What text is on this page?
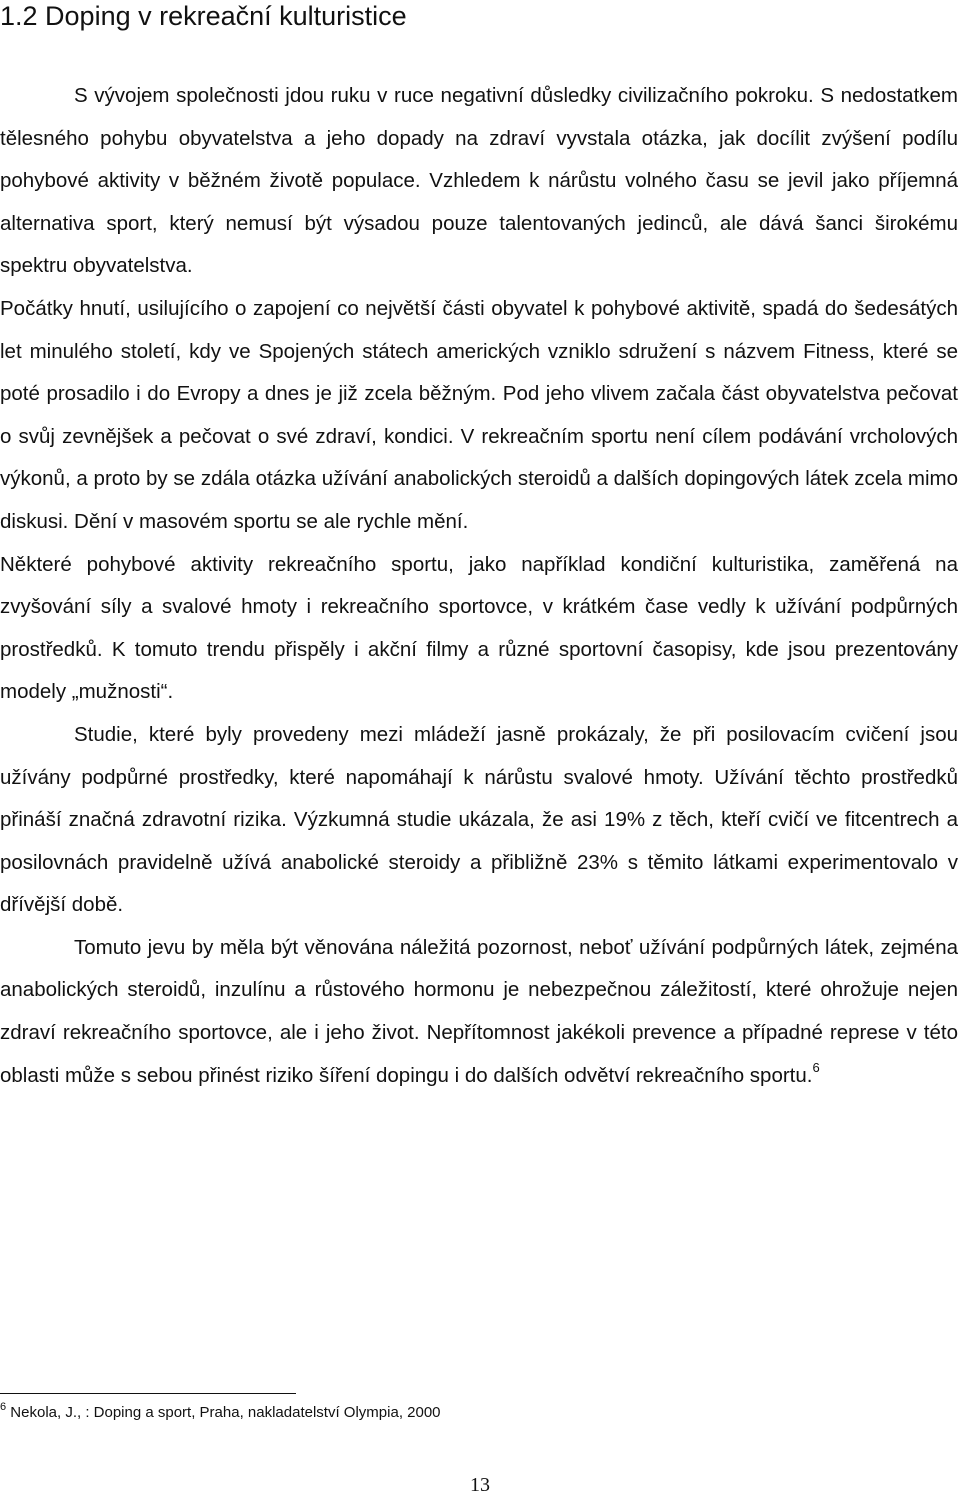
1.2 Doping v rekreační kulturistice

S vývojem společnosti jdou ruku v ruce negativní důsledky civilizačního pokroku. S nedostatkem tělesného pohybu obyvatelstva a jeho dopady na zdraví vyvstala otázka, jak docílit zvýšení podílu pohybové aktivity v běžném životě populace. Vzhledem k nárůstu volného času se jevil jako příjemná alternativa sport, který nemusí být výsadou pouze talentovaných jedinců, ale dává šanci širokému spektru obyvatelstva.

Počátky hnutí, usilujícího o zapojení co největší části obyvatel k pohybové aktivitě, spadá do šedesátých let minulého století, kdy ve Spojených státech amerických vzniklo sdružení s názvem Fitness, které se poté prosadilo i do Evropy a dnes je již zcela běžným. Pod jeho vlivem začala část obyvatelstva pečovat o svůj zevnějšek a pečovat o své zdraví, kondici. V rekreačním sportu není cílem podávání vrcholových výkonů, a proto by se zdála otázka užívání anabolických steroidů a dalších dopingových látek zcela mimo diskusi. Dění v masovém sportu se ale rychle mění.

Některé pohybové aktivity rekreačního sportu, jako například kondiční kulturistika, zaměřená na zvyšování síly a svalové hmoty i rekreačního sportovce, v krátkém čase vedly k užívání podpůrných prostředků. K tomuto trendu přispěly i akční filmy a různé sportovní časopisy, kde jsou prezentovány modely „mužnosti“.

Studie, které byly provedeny mezi mládeží jasně prokázaly, že při posilovacím cvičení jsou užívány podpůrné prostředky, které napomáhají k nárůstu svalové hmoty. Užívání těchto prostředků přináší značná zdravotní rizika. Výzkumná studie ukázala, že asi 19% z těch, kteří cvičí ve fitcentrech a posilovnách pravidelně užívá anabolické steroidy a přibližně 23% s těmito látkami experimentovalo v dřívější době.

Tomuto jevu by měla být věnována náležitá pozornost, neboť užívání podpůrných látek, zejména anabolických steroidů, inzulínu a růstového hormonu je nebezpečnou záležitostí, které ohrožuje nejen zdraví rekreačního sportovce, ale i jeho život. Nepřítomnost jakékoli prevence a případné represe v této oblasti může s sebou přinést riziko šíření dopingu i do dalších odvětví rekreačního sportu.$^6$

$^6$ Nekola, J., : Doping a sport, Praha, nakladatelství Olympia, 2000
13
